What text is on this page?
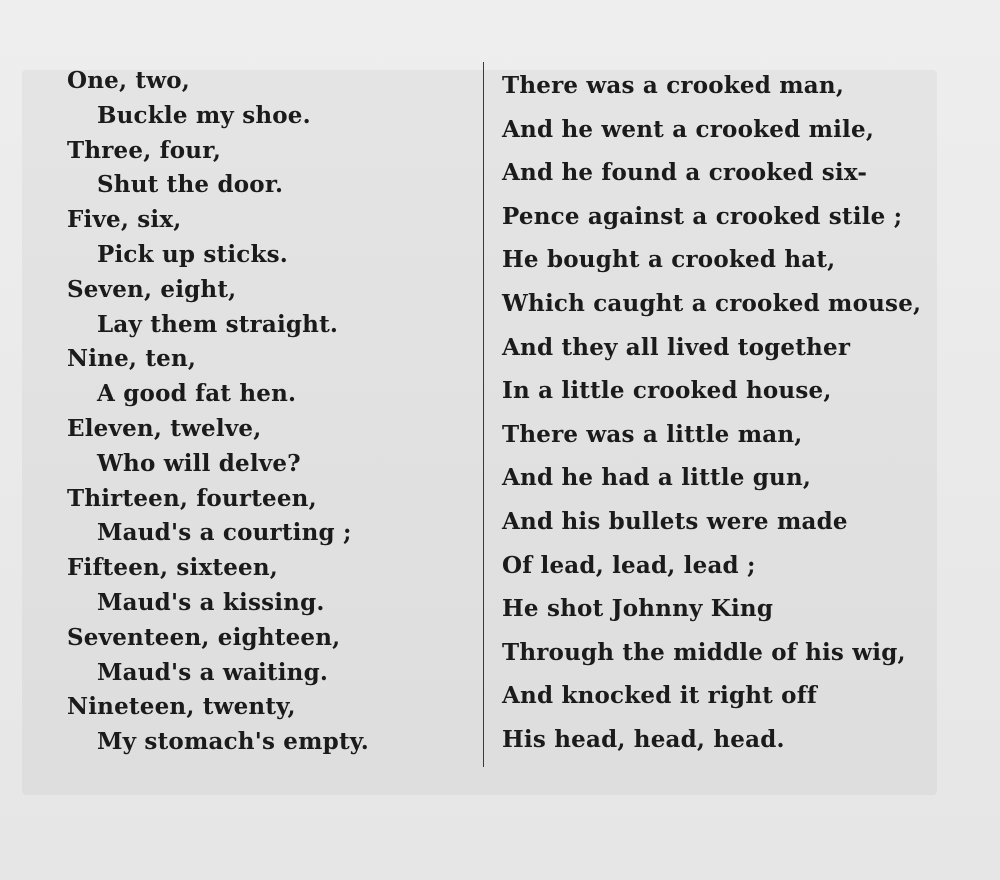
One, two,
Buckle my shoe.
Three, four,
Shut the door.
Five, six,
Pick up sticks.
Seven, eight,
Lay them straight.
Nine, ten,
A good fat hen.
Eleven, twelve,
Who will delve?
Thirteen, fourteen,
Maud's a courting ;
Fifteen, sixteen,
Maud's a kissing.
Seventeen, eighteen,
Maud's a waiting.
Nineteen, twenty,
My stomach's empty.
There was a crooked man,
And he went a crooked mile,
And he found a crooked six-
Pence against a crooked stile ;
He bought a crooked hat,
Which caught a crooked mouse,
And they all lived together
In a little crooked house,
There was a little man,
And he had a little gun,
And his bullets were made
Of lead, lead, lead ;
He shot Johnny King
Through the middle of his wig,
And knocked it right off
His head, head, head.
